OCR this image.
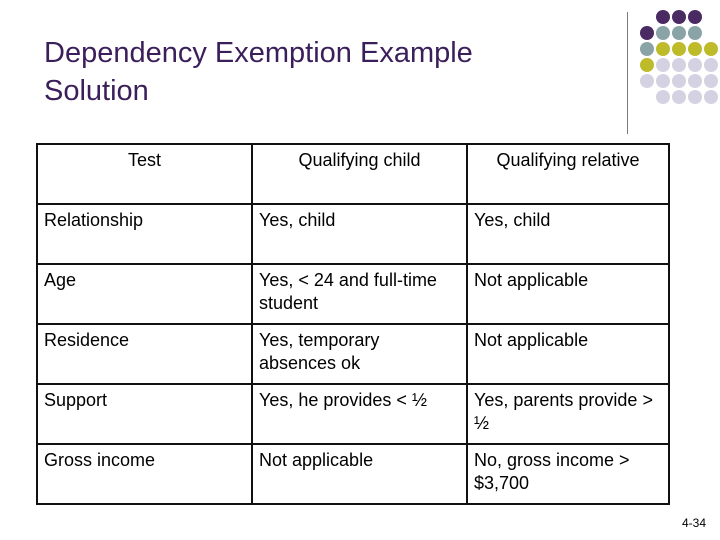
Dependency Exemption Example
Solution
Test	Qualifying child	Qualifying relative
Relationship	Yes, child	Yes, child
Age	Yes, < 24 and full-time student	Not applicable
Residence	Yes, temporary absences ok	Not applicable
Support	Yes, he provides < ½	Yes, parents provide > ½
Gross income	Not applicable	No, gross income > $3,700
4-34
